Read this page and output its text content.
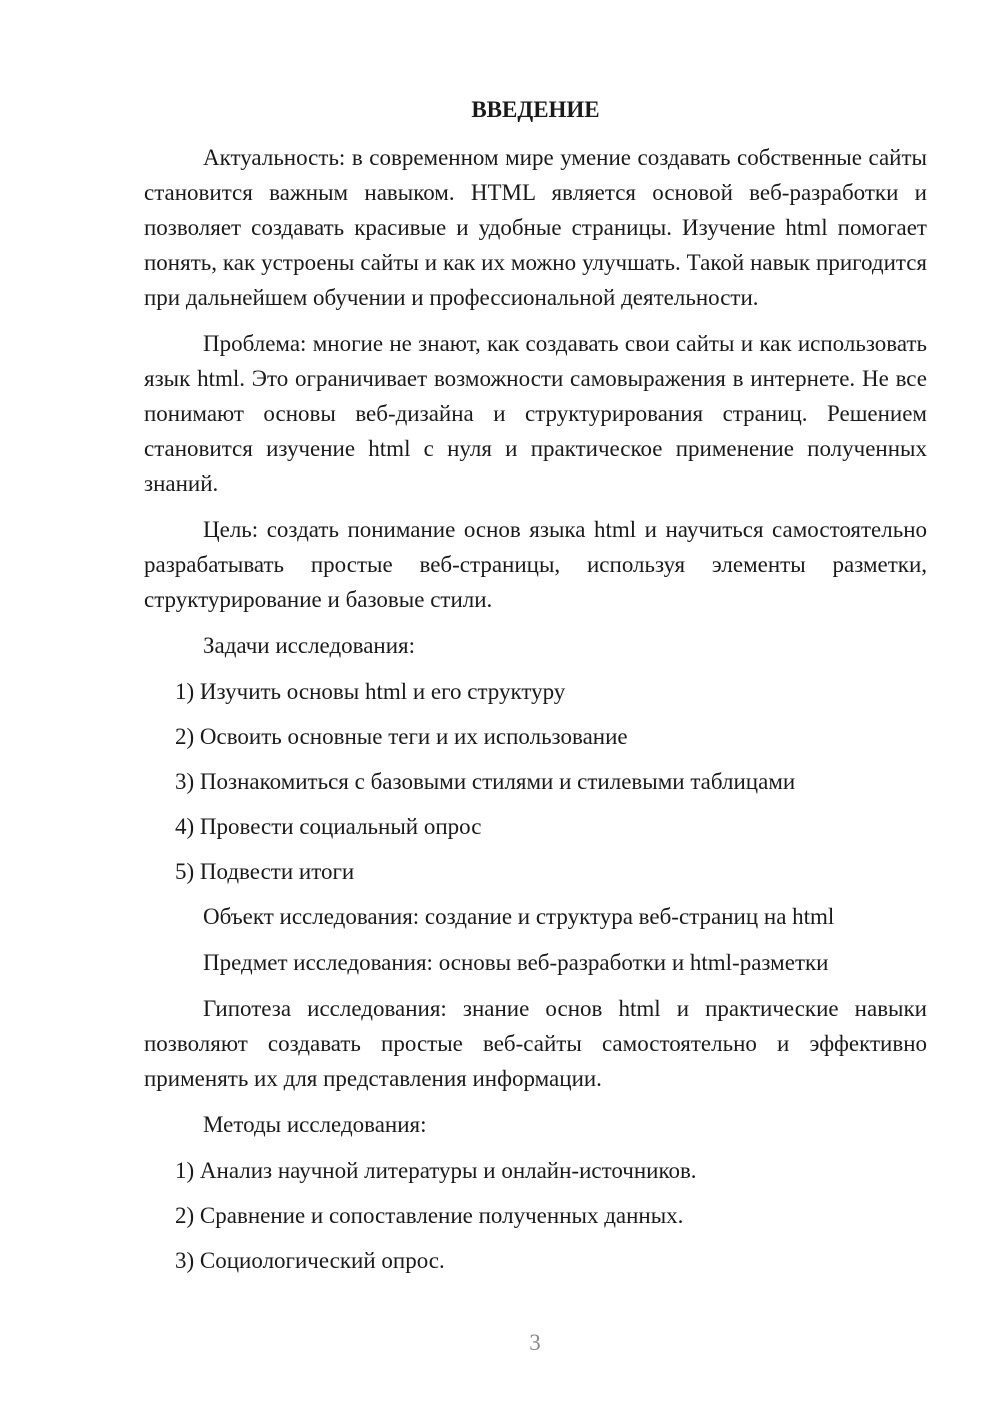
ВВЕДЕНИЕ

Актуальность: в современном мире умение создавать собственные сайты становится важным навыком. HTML является основой веб-разработки и позволяет создавать красивые и удобные страницы. Изучение html помогает понять, как устроены сайты и как их можно улучшать. Такой навык пригодится при дальнейшем обучении и профессиональной деятельности.

Проблема: многие не знают, как создавать свои сайты и как использовать язык html. Это ограничивает возможности самовыражения в интернете. Не все понимают основы веб-дизайна и структурирования страниц. Решением становится изучение html с нуля и практическое применение полученных знаний.

Цель: создать понимание основ языка html и научиться самостоятельно разрабатывать простые веб-страницы, используя элементы разметки, структурирование и базовые стили.

Задачи исследования:

1) Изучить основы html и его структуру
2) Освоить основные теги и их использование
3) Познакомиться с базовыми стилями и стилевыми таблицами
4) Провести социальный опрос
5) Подвести итоги

Объект исследования: создание и структура веб-страниц на html

Предмет исследования: основы веб-разработки и html-разметки

Гипотеза исследования: знание основ html и практические навыки позволяют создавать простые веб-сайты самостоятельно и эффективно применять их для представления информации.

Методы исследования:

1) Анализ научной литературы и онлайн-источников.
2) Сравнение и сопоставление полученных данных.
3) Социологический опрос.
3
